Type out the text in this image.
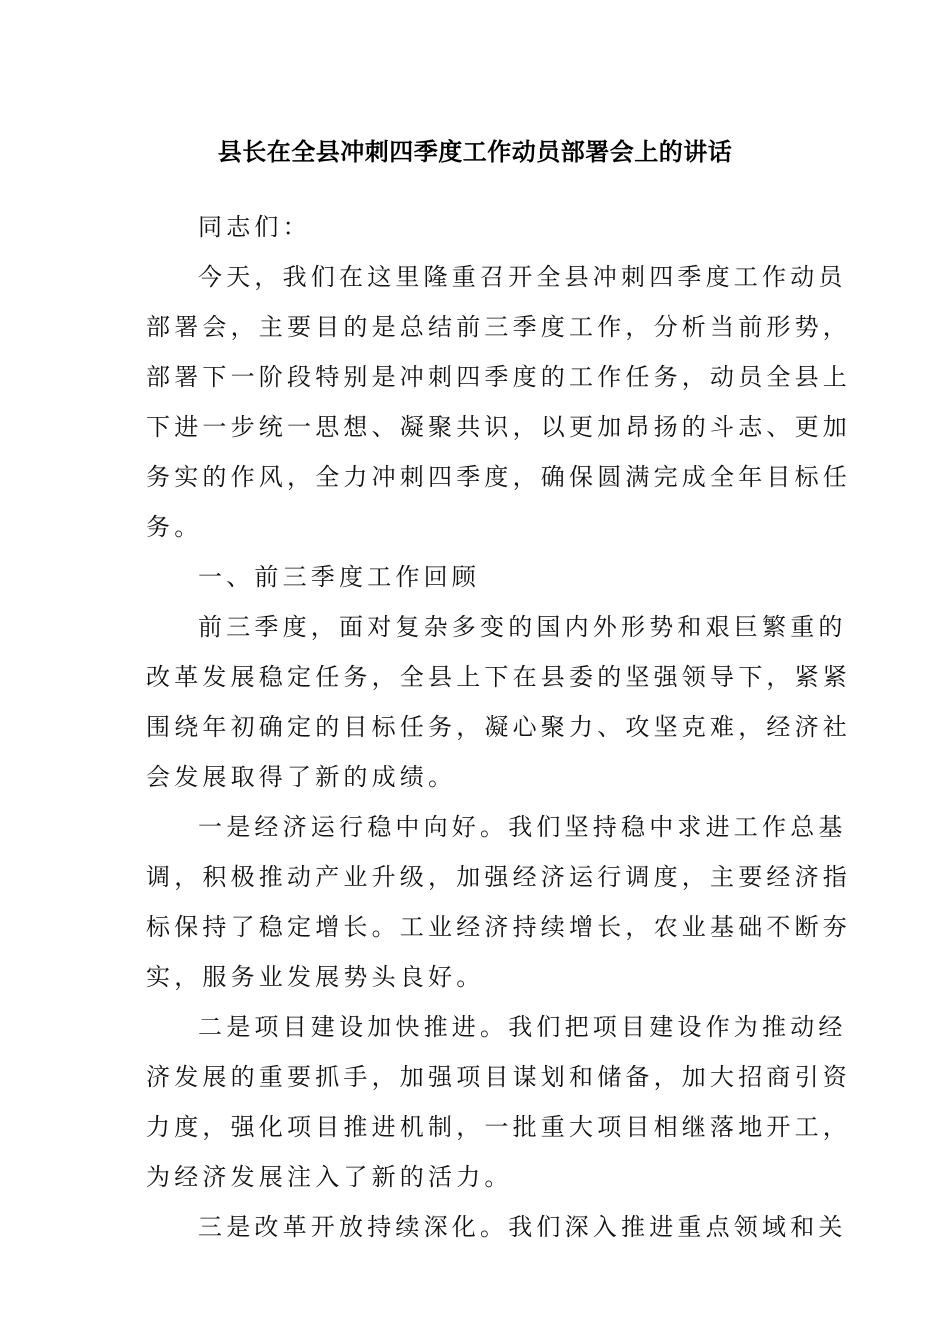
县长在全县冲刺四季度工作动员部署会上的讲话
同志们：
今天，我们在这里隆重召开全县冲刺四季度工作动员
部署会，主要目的是总结前三季度工作，分析当前形势，
部署下一阶段特别是冲刺四季度的工作任务，动员全县上
下进一步统一思想、凝聚共识，以更加昂扬的斗志、更加
务实的作风，全力冲刺四季度，确保圆满完成全年目标任
务。
一、前三季度工作回顾
前三季度，面对复杂多变的国内外形势和艰巨繁重的
改革发展稳定任务，全县上下在县委的坚强领导下，紧紧
围绕年初确定的目标任务，凝心聚力、攻坚克难，经济社
会发展取得了新的成绩。
一是经济运行稳中向好。我们坚持稳中求进工作总基
调，积极推动产业升级，加强经济运行调度，主要经济指
标保持了稳定增长。工业经济持续增长，农业基础不断夯
实，服务业发展势头良好。
二是项目建设加快推进。我们把项目建设作为推动经
济发展的重要抓手，加强项目谋划和储备，加大招商引资
力度，强化项目推进机制，一批重大项目相继落地开工，
为经济发展注入了新的活力。
三是改革开放持续深化。我们深入推进重点领域和关
